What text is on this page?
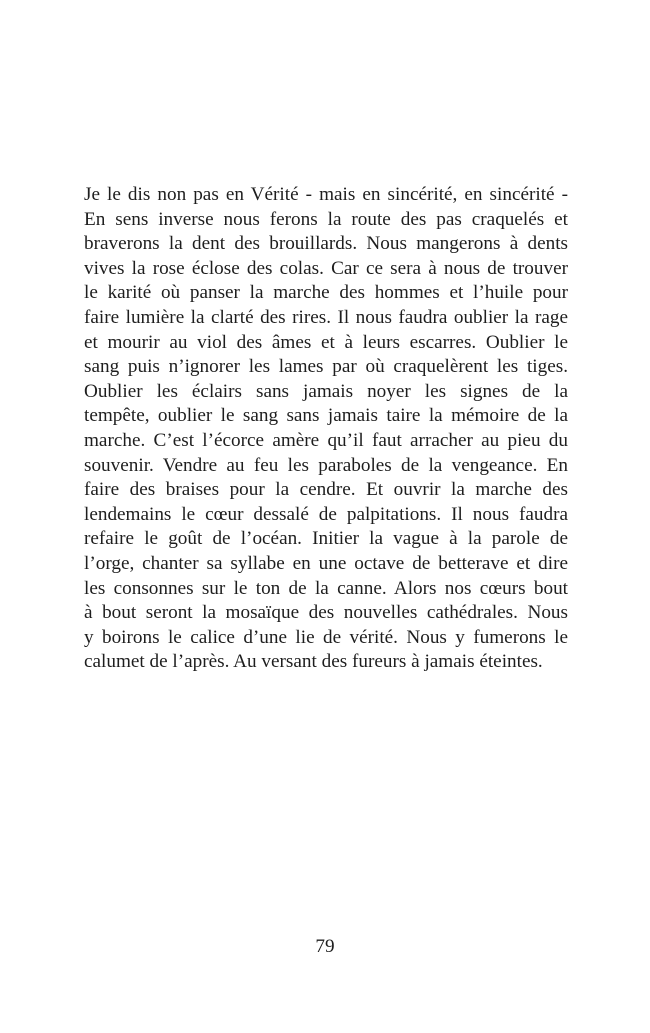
Je le dis non pas en Vérité - mais en sincérité, en sincérité -
En sens inverse nous ferons la route des pas craquelés et
braverons la dent des brouillards. Nous mangerons à dents
vives la rose éclose des colas. Car ce sera à nous de trouver
le karité où panser la marche des hommes et l’huile pour
faire lumière la clarté des rires. Il nous faudra oublier la rage
et mourir au viol des âmes et à leurs escarres. Oublier le
sang puis n’ignorer les lames par où craquelèrent les tiges.
Oublier les éclairs sans jamais noyer les signes de la
tempête, oublier le sang sans jamais taire la mémoire de la
marche. C’est l’écorce amère qu’il faut arracher au pieu du
souvenir. Vendre au feu les paraboles de la vengeance. En
faire des braises pour la cendre. Et ouvrir la marche des
lendemains le cœur dessalé de palpitations. Il nous faudra
refaire le goût de l’océan. Initier la vague à la parole de
l’orge, chanter sa syllabe en une octave de betterave et dire
les consonnes sur le ton de la canne. Alors nos cœurs bout
à bout seront la mosaïque des nouvelles cathédrales. Nous
y boirons le calice d’une lie de vérité. Nous y fumerons le
calumet de l’après. Au versant des fureurs à jamais éteintes.
79
